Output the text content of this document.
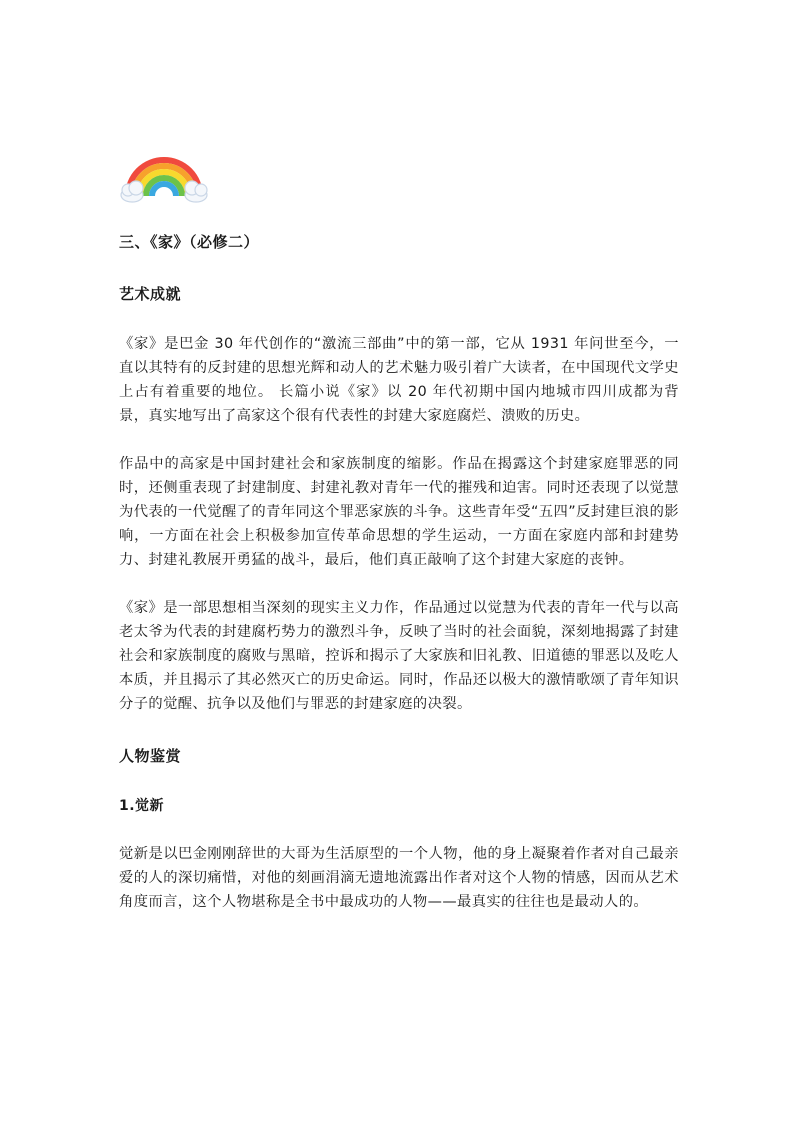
三、《家》（必修二）

艺术成就

《家》是巴金 30 年代创作的“激流三部曲”中的第一部，它从 1931 年问世至今，一直以其特有的反封建的思想光辉和动人的艺术魅力吸引着广大读者，在中国现代文学史上占有着重要的地位。 长篇小说《家》以 20 年代初期中国内地城市四川成都为背景，真实地写出了高家这个很有代表性的封建大家庭腐烂、溃败的历史。

作品中的高家是中国封建社会和家族制度的缩影。作品在揭露这个封建家庭罪恶的同时，还侧重表现了封建制度、封建礼教对青年一代的摧残和迫害。同时还表现了以觉慧为代表的一代觉醒了的青年同这个罪恶家族的斗争。这些青年受“五四”反封建巨浪的影响，一方面在社会上积极参加宣传革命思想的学生运动，一方面在家庭内部和封建势力、封建礼教展开勇猛的战斗，最后，他们真正敲响了这个封建大家庭的丧钟。

《家》是一部思想相当深刻的现实主义力作，作品通过以觉慧为代表的青年一代与以高老太爷为代表的封建腐朽势力的激烈斗争，反映了当时的社会面貌，深刻地揭露了封建社会和家族制度的腐败与黑暗，控诉和揭示了大家族和旧礼教、旧道德的罪恶以及吃人本质，并且揭示了其必然灭亡的历史命运。同时，作品还以极大的激情歌颂了青年知识分子的觉醒、抗争以及他们与罪恶的封建家庭的决裂。

人物鉴赏

1.觉新

觉新是以巴金刚刚辞世的大哥为生活原型的一个人物，他的身上凝聚着作者对自己最亲爱的人的深切痛惜，对他的刻画涓滴无遗地流露出作者对这个人物的情感，因而从艺术角度而言，这个人物堪称是全书中最成功的人物——最真实的往往也是最动人的。
